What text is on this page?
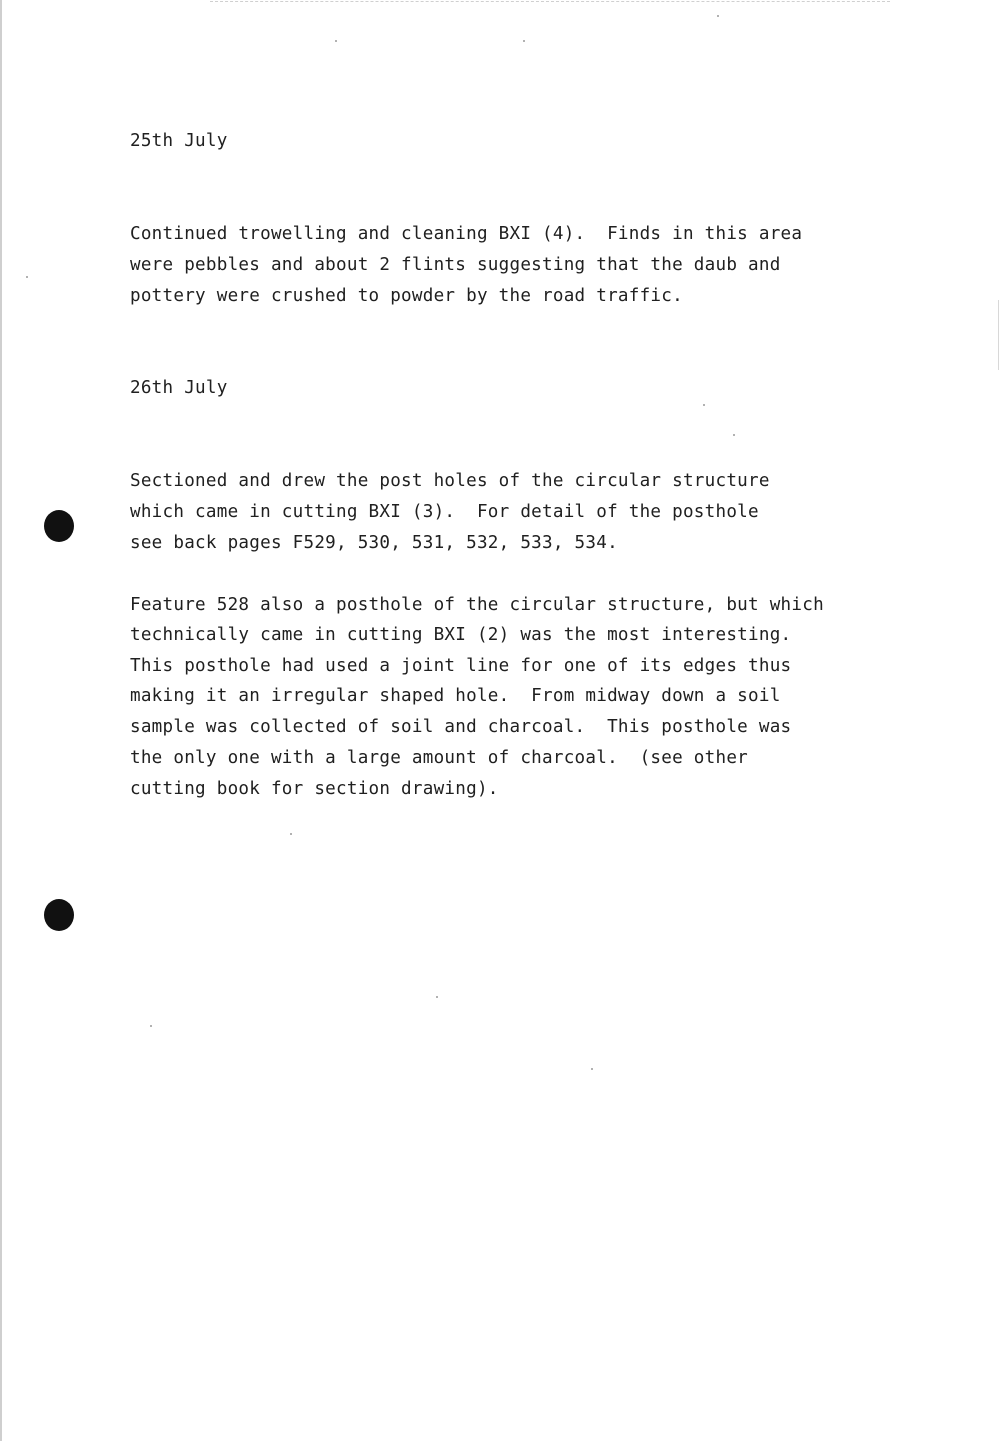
25th July

Continued trowelling and cleaning BXI (4).  Finds in this area

were pebbles and about 2 flints suggesting that the daub and

pottery were crushed to powder by the road traffic.

26th July

Sectioned and drew the post holes of the circular structure

which came in cutting BXI (3).  For detail of the posthole

see back pages F529, 530, 531, 532, 533, 534.

Feature 528 also a posthole of the circular structure, but which

technically came in cutting BXI (2) was the most interesting.

This posthole had used a joint line for one of its edges thus

making it an irregular shaped hole.  From midway down a soil

sample was collected of soil and charcoal.  This posthole was

the only one with a large amount of charcoal.  (see other

cutting book for section drawing).
